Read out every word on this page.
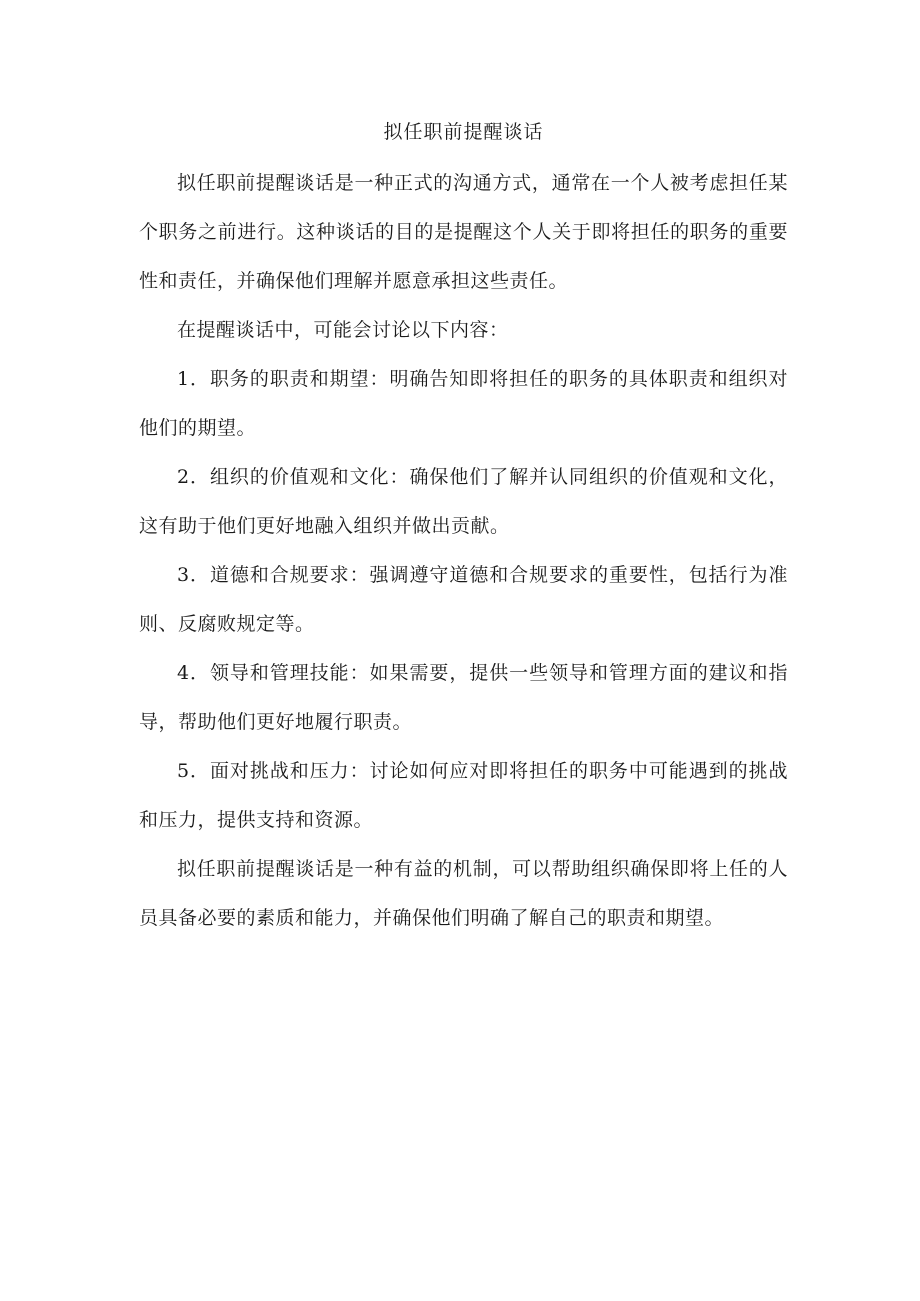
拟任职前提醒谈话

拟任职前提醒谈话是一种正式的沟通方式，通常在一个人被考虑担任某个职务之前进行。这种谈话的目的是提醒这个人关于即将担任的职务的重要性和责任，并确保他们理解并愿意承担这些责任。

在提醒谈话中，可能会讨论以下内容：

1．职务的职责和期望：明确告知即将担任的职务的具体职责和组织对他们的期望。

2．组织的价值观和文化：确保他们了解并认同组织的价值观和文化，这有助于他们更好地融入组织并做出贡献。

3．道德和合规要求：强调遵守道德和合规要求的重要性，包括行为准则、反腐败规定等。

4．领导和管理技能：如果需要，提供一些领导和管理方面的建议和指导，帮助他们更好地履行职责。

5．面对挑战和压力：讨论如何应对即将担任的职务中可能遇到的挑战和压力，提供支持和资源。

拟任职前提醒谈话是一种有益的机制，可以帮助组织确保即将上任的人员具备必要的素质和能力，并确保他们明确了解自己的职责和期望。
